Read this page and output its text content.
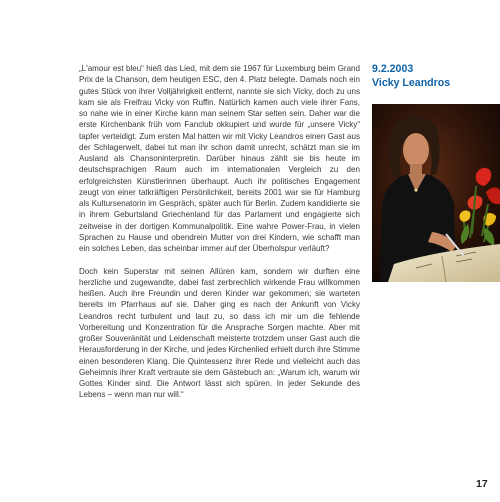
„L'amour est bleu“ hieß das Lied, mit dem sie 1967 für Luxemburg beim Grand Prix de la Chanson, dem heutigen ESC, den 4. Platz belegte. Damals noch ein gutes Stück von ihrer Volljährigkeit entfernt, nannte sie sich Vicky, doch zu uns kam sie als Freifrau Vicky von Ruffin. Natürlich kamen auch viele ihrer Fans, so nahe wie in einer Kirche kann man seinem Star selten sein. Daher war die erste Kirchenbank früh vom Fanclub okkupiert und wurde für „unsere Vicky“ tapfer verteidigt. Zum ersten Mal hatten wir mit Vicky Leandros einen Gast aus der Schlagerwelt, dabei tut man ihr schon damit unrecht, schätzt man sie im Ausland als Chansoninterpretin. Darüber hinaus zählt sie bis heute im deutschsprachigen Raum auch im internationalen Vergleich zu den erfolgreichsten Künstlerinnen überhaupt. Auch ihr politisches Engagement zeugt von einer tatkräftigen Persönlichkeit, bereits 2001 war sie für Hamburg als Kultursenatorin im Gespräch, später auch für Berlin. Zudem kandidierte sie in ihrem Geburtsland Griechenland für das Parlament und engagierte sich zeitweise in der dortigen Kommunalpolitik. Eine wahre Power-Frau, in vielen Sprachen zu Hause und obendrein Mutter von drei Kindern, wie schafft man ein solches Leben, das scheinbar immer auf der Überholspur verläuft?

Doch kein Superstar mit seinen Allüren kam, sondern wir durften eine herzliche und zugewandte, dabei fast zerbrechlich wirkende Frau willkommen heißen. Auch ihre Freundin und deren Kinder war gekommen; sie warteten bereits im Pfarrhaus auf sie. Daher ging es nach der Ankunft von Vicky Leandros recht turbulent und laut zu, so dass ich mir um die fehlende Vorbereitung und Konzentration für die Ansprache Sorgen machte. Aber mit großer Souveränität und Leidenschaft meisterte trotzdem unser Gast auch die Herausforderung in der Kirche, und jedes Kirchenlied erhielt durch ihre Stimme einen besonderen Klang. Die Quintessenz ihrer Rede und vielleicht auch das Geheimnis ihrer Kraft vertraute sie dem Gästebuch an: „Warum ich, warum wir Gottes Kinder sind. Die Antwort lässt sich spüren. In jeder Sekunde des Lebens – wenn man nur will.“

9.2.2003
Vicky Leandros
17
